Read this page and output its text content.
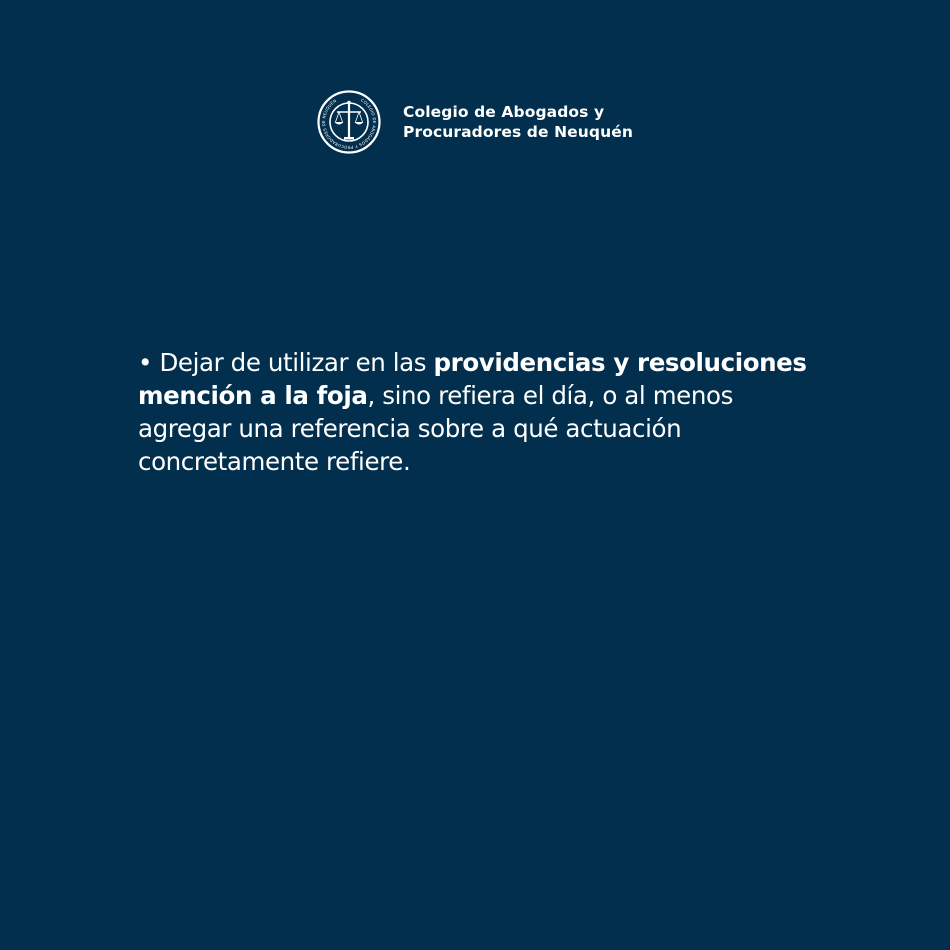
COLEGIO DE ABOGADOS Y PROCURADORES DE NEUQUÉN
Colegio de Abogados y
Procuradores de Neuquén

• Dejar de utilizar en las providencias y resoluciones mención a la foja, sino refiera el día, o al menos agregar una referencia sobre a qué actuación concretamente refiere.
